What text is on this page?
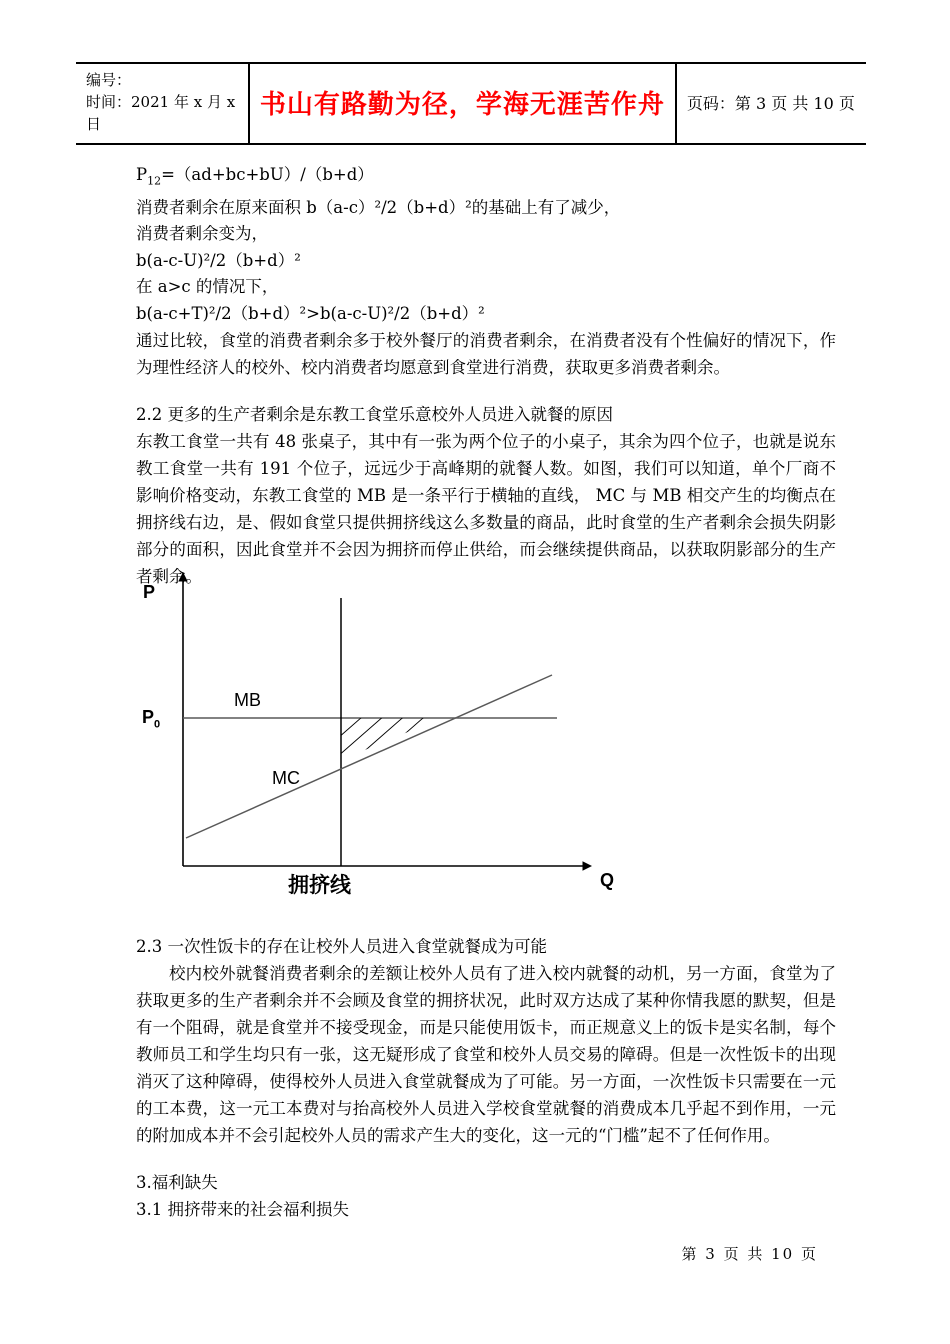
编号：
时间：2021 年 x 月 x 日
书山有路勤为径，学海无涯苦作舟 页码：第 3 页 共 10 页
$P_{12}=(ad+bc+bU)/(b+d)$
消费者剩余在原来面积 b（a-c）²/2（b+d）²的基础上有了减少，
消费者剩余变为，
b(a-c-U)²/2（b+d）²
在 a>c 的情况下，
b(a-c+T)²/2（b+d）²>b(a-c-U)²/2（b+d）²
通过比较，食堂的消费者剩余多于校外餐厅的消费者剩余，在消费者没有个性偏好的情况下，作为理性经济人的校外、校内消费者均愿意到食堂进行消费，获取更多消费者剩余。
2.2 更多的生产者剩余是东教工食堂乐意校外人员进入就餐的原因
东教工食堂一共有 48 张桌子，其中有一张为两个位子的小桌子，其余为四个位子，也就是说东教工食堂一共有 191 个位子，远远少于高峰期的就餐人数。如图，我们可以知道，单个厂商不影响价格变动，东教工食堂的 MB 是一条平行于横轴的直线， MC 与 MB 相交产生的均衡点在拥挤线右边，是、假如食堂只提供拥挤线这么多数量的商品，此时食堂的生产者剩余会损失阴影部分的面积，因此食堂并不会因为拥挤而停止供给，而会继续提供商品，以获取阴影部分的生产者剩余。
P
$P_0$
Q
MB
MC
拥挤线
2.3 一次性饭卡的存在让校外人员进入食堂就餐成为可能
校内校外就餐消费者剩余的差额让校外人员有了进入校内就餐的动机，另一方面，食堂为了获取更多的生产者剩余并不会顾及食堂的拥挤状况，此时双方达成了某种你情我愿的默契，但是有一个阻碍，就是食堂并不接受现金，而是只能使用饭卡，而正规意义上的饭卡是实名制，每个教师员工和学生均只有一张，这无疑形成了食堂和校外人员交易的障碍。但是一次性饭卡的出现消灭了这种障碍，使得校外人员进入食堂就餐成为了可能。另一方面，一次性饭卡只需要在一元的工本费，这一元工本费对与抬高校外人员进入学校食堂就餐的消费成本几乎起不到作用，一元的附加成本并不会引起校外人员的需求产生大的变化，这一元的“门槛”起不了任何作用。
3.福利缺失
3.1 拥挤带来的社会福利损失
第 3 页 共 10 页
